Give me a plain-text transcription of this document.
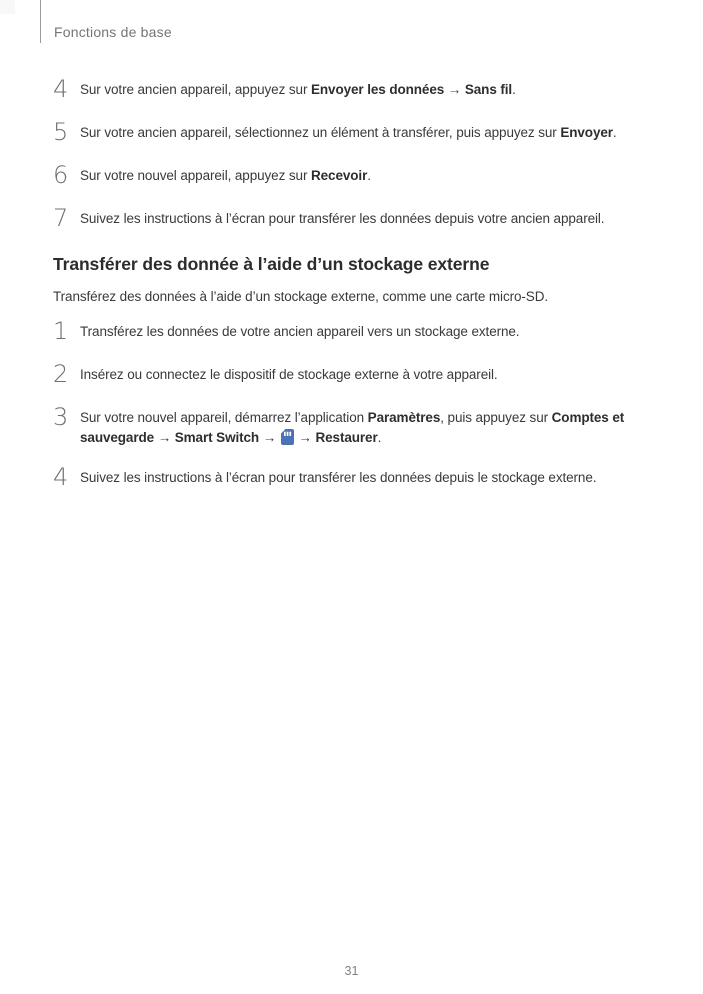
Fonctions de base
4 Sur votre ancien appareil, appuyez sur Envoyer les données → Sans fil.
5 Sur votre ancien appareil, sélectionnez un élément à transférer, puis appuyez sur Envoyer.
6 Sur votre nouvel appareil, appuyez sur Recevoir.
7 Suivez les instructions à l’écran pour transférer les données depuis votre ancien appareil.
Transférer des donnée à l’aide d’un stockage externe

Transférez des données à l’aide d’un stockage externe, comme une carte micro-SD.

1 Transférez les données de votre ancien appareil vers un stockage externe.
2 Insérez ou connectez le dispositif de stockage externe à votre appareil.
3 Sur votre nouvel appareil, démarrez l’application Paramètres, puis appuyez sur Comptes et sauvegarde → Smart Switch →  → Restaurer.
4 Suivez les instructions à l’écran pour transférer les données depuis le stockage externe.
31
